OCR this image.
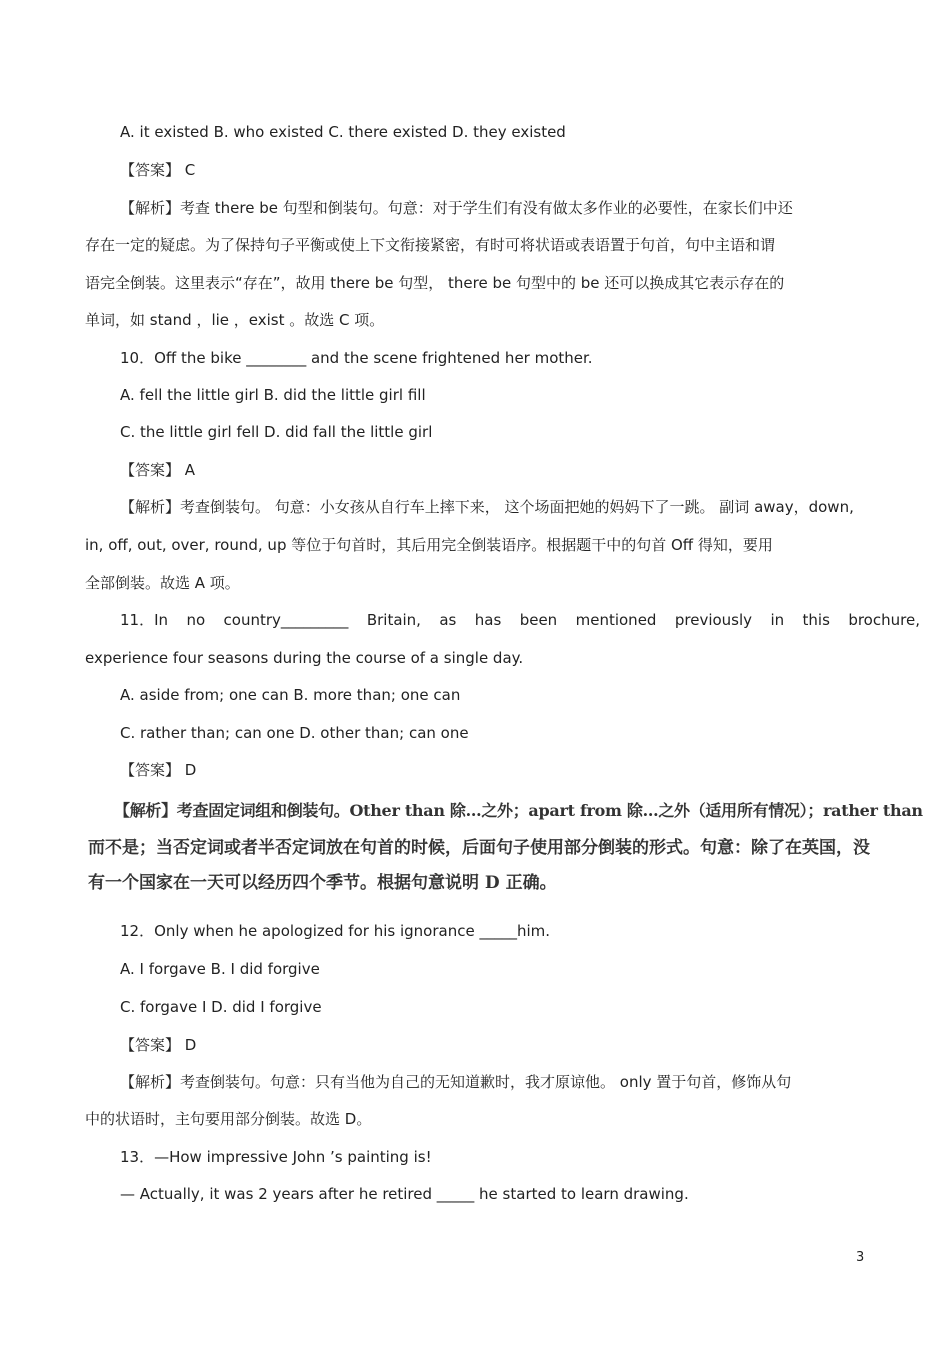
A. it existed B. who existed C. there existed D. they existed
【答案】 C
【解析】考查 there be 句型和倒装句。句意：对于学生们有没有做太多作业的必要性，在家长们中还
存在一定的疑虑。为了保持句子平衡或使上下文衔接紧密，有时可将状语或表语置于句首，句中主语和谓
语完全倒装。这里表示“存在”，故用 there be 句型， there be 句型中的 be 还可以换成其它表示存在的
单词，如 stand ，lie ，exist 。故选 C 项。
10．Off the bike ________ and the scene frightened her mother.
A. fell the little girl B. did the little girl fill
C. the little girl fell D. did fall the little girl
【答案】 A
【解析】考查倒装句。 句意：小女孩从自行车上摔下来， 这个场面把她的妈妈下了一跳。 副词 away，down,
in, off, out, over, round, up 等位于句首时，其后用完全倒装语序。根据题干中的句首 Off 得知，要用
全部倒装。故选 A 项。
11．In no country_________ Britain, as has been mentioned previously in this brochure,
experience four seasons during the course of a single day.
A. aside from; one can B. more than; one can
C. rather than; can one D. other than; can one
【答案】 D
【解析】考查固定词组和倒装句。Other than 除…之外；apart from 除…之外（适用所有情况）；rather than
而不是；当否定词或者半否定词放在句首的时候，后面句子使用部分倒装的形式。句意：除了在英国，没
有一个国家在一天可以经历四个季节。根据句意说明 D 正确。
12．Only when he apologized for his ignorance _____him.
A. I forgave B. I did forgive
C. forgave I D. did I forgive
【答案】 D
【解析】考查倒装句。句意：只有当他为自己的无知道歉时，我才原谅他。 only 置于句首，修饰从句
中的状语时，主句要用部分倒装。故选 D。
13．—How impressive John ’s painting is!
— Actually, it was 2 years after he retired _____ he started to learn drawing.
3
